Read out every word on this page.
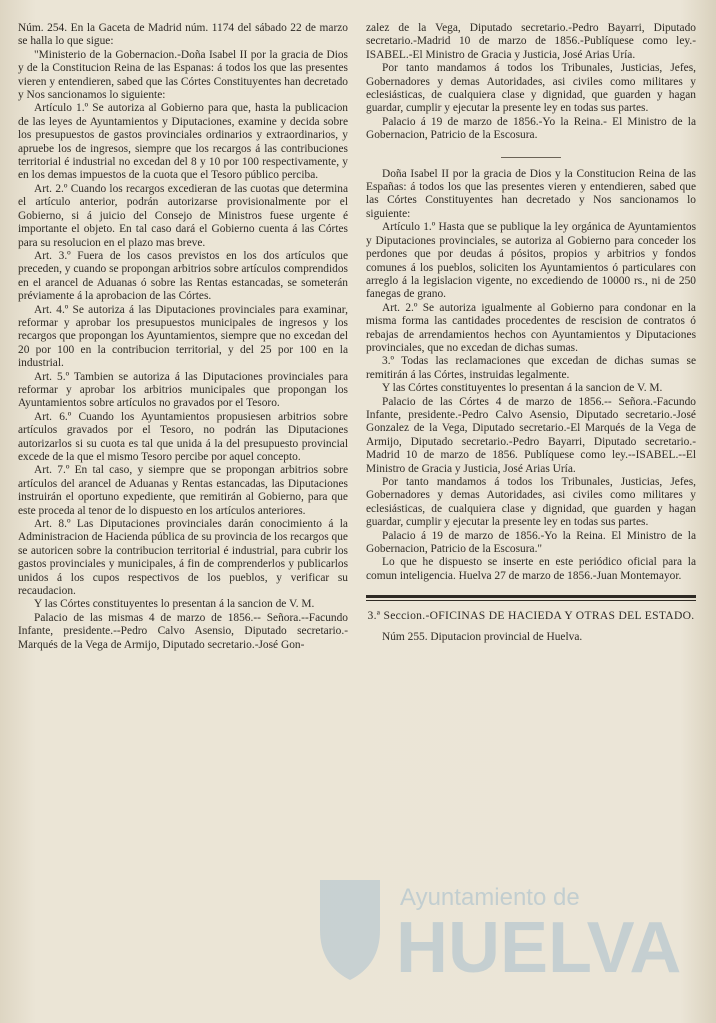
Núm. 254. En la Gaceta de Madrid núm. 1174 del sábado 22 de marzo se halla lo que sigue:

"Ministerio de la Gobernacion.-Doña Isabel II por la gracia de Dios y de la Constitucion Reina de las Espanas: á todos los que las presentes vieren y entendieren, sabed que las Córtes Constituyentes han decretado y Nos sancionamos lo siguiente:

Artículo 1.º Se autoriza al Gobierno para que, hasta la publicacion de las leyes de Ayuntamientos y Diputaciones, examine y decida sobre los presupuestos de gastos provinciales ordinarios y extraordinarios, y apruebe los de ingresos, siempre que los recargos á las contribuciones territorial é industrial no excedan del 8 y 10 por 100 respectivamente, y en los demas impuestos de la cuota que el Tesoro público perciba.

Art. 2.º Cuando los recargos excedieran de las cuotas que determina el artículo anterior, podrán autorizarse provisionalmente por el Gobierno, si á juicio del Consejo de Ministros fuese urgente é importante el objeto. En tal caso dará el Gobierno cuenta á las Córtes para su resolucion en el plazo mas breve.

Art. 3.º Fuera de los casos previstos en los dos artículos que preceden, y cuando se propongan arbitrios sobre artículos comprendidos en el arancel de Aduanas ó sobre las Rentas estancadas, se someterán préviamente á la aprobacion de las Córtes.

Art. 4.º Se autoriza á las Diputaciones provinciales para examinar, reformar y aprobar los presupuestos municipales de ingresos y los recargos que propongan los Ayuntamientos, siempre que no excedan del 20 por 100 en la contribucion territorial, y del 25 por 100 en la industrial.

Art. 5.º Tambien se autoriza á las Diputaciones provinciales para reformar y aprobar los arbitrios municipales que propongan los Ayuntamientos sobre artículos no gravados por el Tesoro.

Art. 6.º Cuando los Ayuntamientos propusiesen arbitrios sobre artículos gravados por el Tesoro, no podrán las Diputaciones autorizarlos si su cuota es tal que unida á la del presupuesto provincial excede de la que el mismo Tesoro percibe por aquel concepto.

Art. 7.º En tal caso, y siempre que se propongan arbitrios sobre artículos del arancel de Aduanas y Rentas estancadas, las Diputaciones instruirán el oportuno expediente, que remitirán al Gobierno, para que este proceda al tenor de lo dispuesto en los artículos anteriores.

Art. 8.º Las Diputaciones provinciales darán conocimiento á la Administracion de Hacienda pública de su provincia de los recargos que se autoricen sobre la contribucion territorial é industrial, para cubrir los gastos provinciales y municipales, á fin de comprenderlos y publicarlos unidos á los cupos respectivos de los pueblos, y verificar su recaudacion.

Y las Córtes constituyentes lo presentan á la sancion de V. M.

Palacio de las mismas 4 de marzo de 1856.-- Señora.--Facundo Infante, presidente.--Pedro Calvo Asensio, Diputado secretario.-Marqués de la Vega de Armijo, Diputado secretario.-José Gon-

zalez de la Vega, Diputado secretario.-Pedro Bayarri, Diputado secretario.-Madrid 10 de marzo de 1856.-Publíquese como ley.-ISABEL.-El Ministro de Gracia y Justicia, José Arias Uría.

Por tanto mandamos á todos los Tribunales, Justicias, Jefes, Gobernadores y demas Autoridades, asi civiles como militares y eclesiásticas, de cualquiera clase y dignidad, que guarden y hagan guardar, cumplir y ejecutar la presente ley en todas sus partes.

Palacio á 19 de marzo de 1856.-Yo la Reina.- El Ministro de la Gobernacion, Patricio de la Escosura.

Doña Isabel II por la gracia de Dios y la Constitucion Reina de las Españas: á todos los que las presentes vieren y entendieren, sabed que las Córtes Constituyentes han decretado y Nos sancionamos lo siguiente:

Artículo 1.º Hasta que se publique la ley orgánica de Ayuntamientos y Diputaciones provinciales, se autoriza al Gobierno para conceder los perdones que por deudas á pósitos, propios y arbitrios y fondos comunes á los pueblos, soliciten los Ayuntamientos ó particulares con arreglo á la legislacion vigente, no excediendo de 10000 rs., ni de 250 fanegas de grano.

Art. 2.º Se autoriza igualmente al Gobierno para condonar en la misma forma las cantidades procedentes de rescision de contratos ó rebajas de arrendamientos hechos con Ayuntamientos y Diputaciones provinciales, que no excedan de dichas sumas.

3.º Todas las reclamaciones que excedan de dichas sumas se remitirán á las Córtes, instruidas legalmente.

Y las Córtes constituyentes lo presentan á la sancion de V. M.

Palacio de las Córtes 4 de marzo de 1856.-- Señora.-Facundo Infante, presidente.-Pedro Calvo Asensio, Diputado secretario.-José Gonzalez de la Vega, Diputado secretario.-El Marqués de la Vega de Armijo, Diputado secretario.-Pedro Bayarri, Diputado secretario.-Madrid 10 de marzo de 1856. Publíquese como ley.--ISABEL.--El Ministro de Gracia y Justicia, José Arias Uría.

Por tanto mandamos á todos los Tribunales, Justicias, Jefes, Gobernadores y demas Autoridades, asi civiles como militares y eclesiásticas, de cualquiera clase y dignidad, que guarden y hagan guardar, cumplir y ejecutar la presente ley en todas sus partes.

Palacio á 19 de marzo de 1856.-Yo la Reina. El Ministro de la Gobernacion, Patricio de la Escosura."

Lo que he dispuesto se inserte en este periódico oficial para la comun inteligencia. Huelva 27 de marzo de 1856.-Juan Montemayor.

3.ª Seccion.-OFICINAS DE HACIEDA Y OTRAS DEL ESTADO.

Núm 255. Diputacion provincial de Huelva.

Ayuntamiento de
HUELVA
